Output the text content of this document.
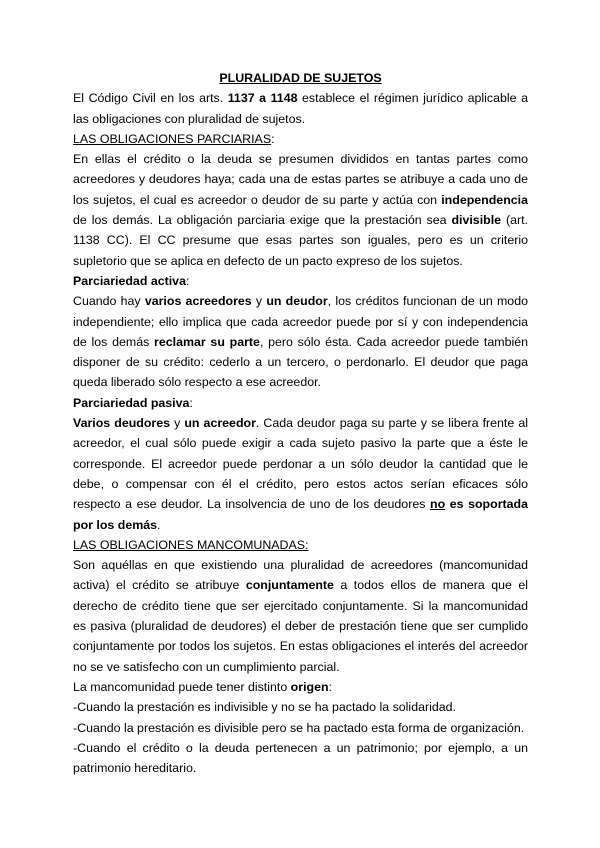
PLURALIDAD DE SUJETOS

El Código Civil en los arts. 1137 a 1148 establece el régimen jurídico aplicable a las obligaciones con pluralidad de sujetos.

LAS OBLIGACIONES PARCIARIAS:

En ellas el crédito o la deuda se presumen divididos en tantas partes como acreedores y deudores haya; cada una de estas partes se atribuye a cada uno de los sujetos, el cual es acreedor o deudor de su parte y actúa con independencia de los demás. La obligación parciaria exige que la prestación sea divisible (art. 1138 CC). El CC presume que esas partes son iguales, pero es un criterio supletorio que se aplica en defecto de un pacto expreso de los sujetos.

Parciariedad activa:

Cuando hay varios acreedores y un deudor, los créditos funcionan de un modo independiente; ello implica que cada acreedor puede por sí y con independencia de los demás reclamar su parte, pero sólo ésta. Cada acreedor puede también disponer de su crédito: cederlo a un tercero, o perdonarlo. El deudor que paga queda liberado sólo respecto a ese acreedor.

Parciariedad pasiva:

Varios deudores y un acreedor. Cada deudor paga su parte y se libera frente al acreedor, el cual sólo puede exigir a cada sujeto pasivo la parte que a éste le corresponde. El acreedor puede perdonar a un sólo deudor la cantidad que le debe, o compensar con él el crédito, pero estos actos serían eficaces sólo respecto a ese deudor. La insolvencia de uno de los deudores no es soportada por los demás.

LAS OBLIGACIONES MANCOMUNADAS:

Son aquéllas en que existiendo una pluralidad de acreedores (mancomunidad activa) el crédito se atribuye conjuntamente a todos ellos de manera que el derecho de crédito tiene que ser ejercitado conjuntamente. Si la mancomunidad es pasiva (pluralidad de deudores) el deber de prestación tiene que ser cumplido conjuntamente por todos los sujetos. En estas obligaciones el interés del acreedor no se ve satisfecho con un cumplimiento parcial.

La mancomunidad puede tener distinto origen:

-Cuando la prestación es indivisible y no se ha pactado la solidaridad.

-Cuando la prestación es divisible pero se ha pactado esta forma de organización.

-Cuando el crédito o la deuda pertenecen a un patrimonio; por ejemplo, a un patrimonio hereditario.
